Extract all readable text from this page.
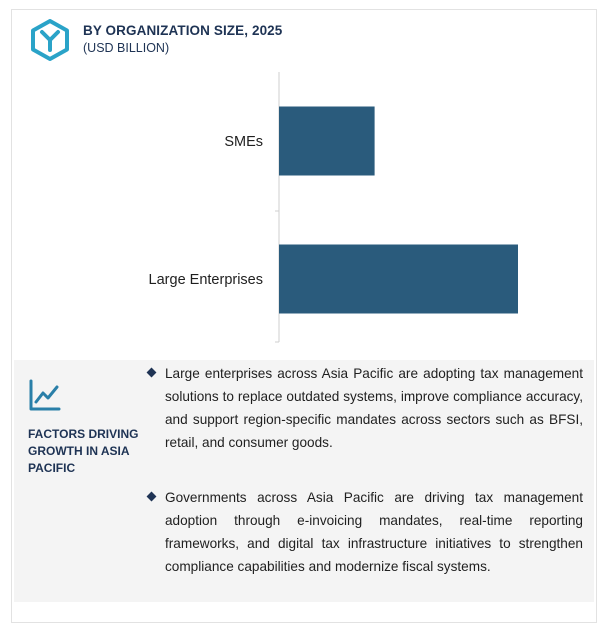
BY ORGANIZATION SIZE, 2025
(USD BILLION)
SMEs
Large Enterprises
FACTORS DRIVING GROWTH IN ASIA PACIFIC
Large enterprises across Asia Pacific are adopting tax management solutions to replace outdated systems, improve compliance accuracy, and support region-specific mandates across sectors such as BFSI, retail, and consumer goods.
Governments across Asia Pacific are driving tax management adoption through e-invoicing mandates, real-time reporting frameworks, and digital tax infrastructure initiatives to strengthen compliance capabilities and modernize fiscal systems.
